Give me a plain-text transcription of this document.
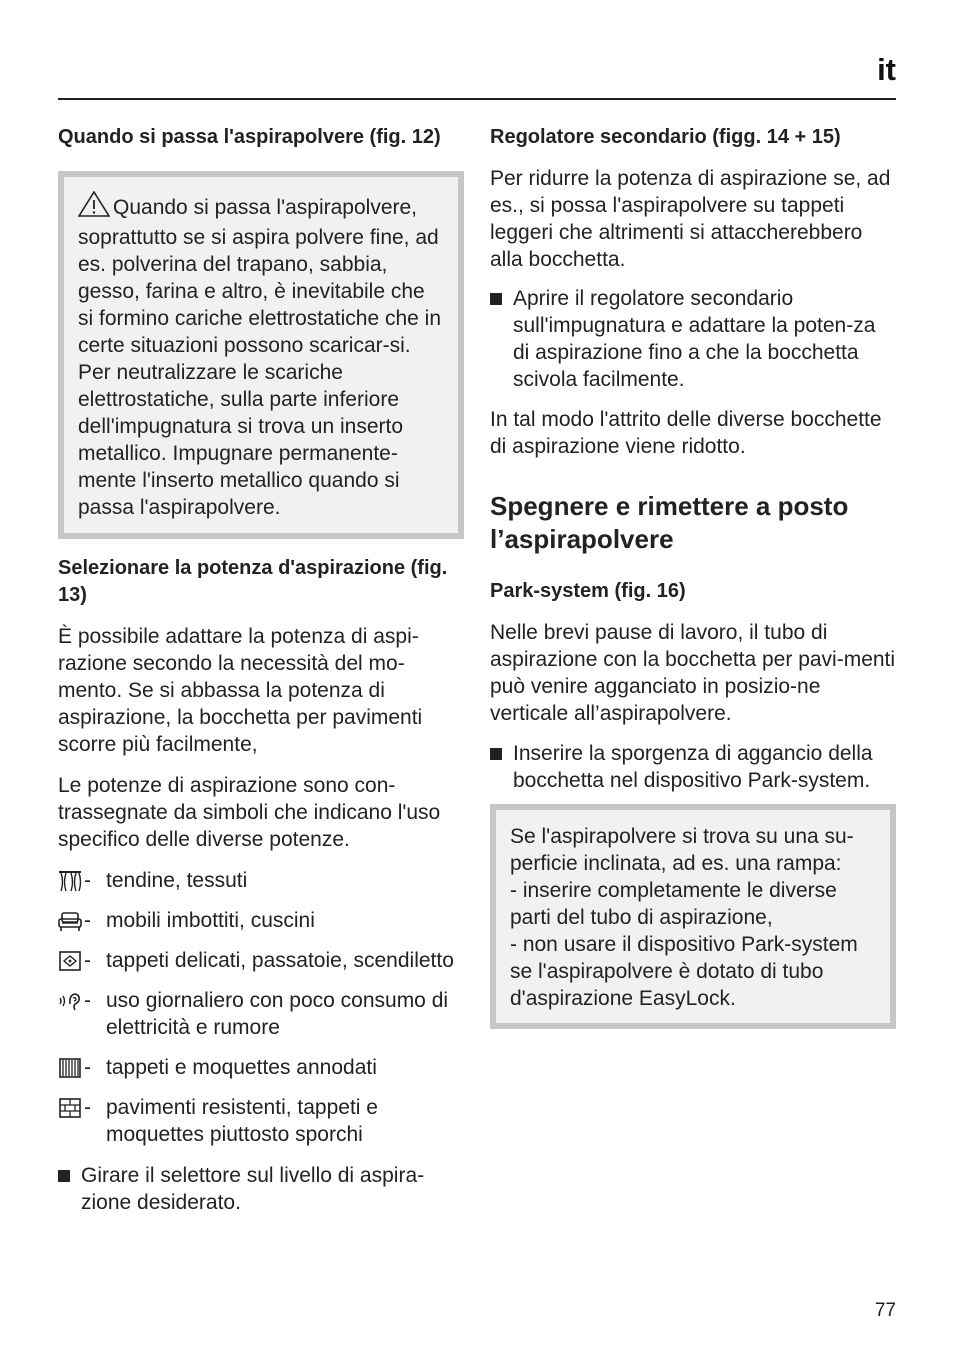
it

Quando si passa l'aspirapolvere (fig. 12)

Quando si passa l'aspirapolvere, soprattutto se si aspira polvere fine, ad es. polverina del trapano, sabbia, gesso, farina e altro, è inevitabile che si formino cariche elettrostatiche che in certe situazioni possono scaricar-si. Per neutralizzare le scariche elettrostatiche, sulla parte inferiore dell'impugnatura si trova un inserto metallico. Impugnare permanente-mente l'inserto metallico quando si passa l'aspirapolvere.

Selezionare la potenza d'aspirazione (fig. 13)

È possibile adattare la potenza di aspi-razione secondo la necessità del mo-mento. Se si abbassa la potenza di aspirazione, la bocchetta per pavimenti scorre più facilmente,

Le potenze di aspirazione sono con-trassegnate da simboli che indicano l'uso specifico delle diverse potenze.

- tendine, tessuti
- mobili imbottiti, cuscini
- tappeti delicati, passatoie, scendiletto
- uso giornaliero con poco consumo di elettricità e rumore
- tappeti e moquettes annodati
- pavimenti resistenti, tappeti e moquettes piuttosto sporchi
Girare il selettore sul livello di aspira-zione desiderato.

Regolatore secondario (figg. 14 + 15)

Per ridurre la potenza di aspirazione se, ad es., si possa l'aspirapolvere su tappeti leggeri che altrimenti si attaccherebbero alla bocchetta.

Aprire il regolatore secondario sull'impugnatura e adattare la poten-za di aspirazione fino a che la bocchetta scivola facilmente.

In tal modo l'attrito delle diverse bocchette di aspirazione viene ridotto.

Spegnere e rimettere a posto l’aspirapolvere

Park-system (fig. 16)

Nelle brevi pause di lavoro, il tubo di aspirazione con la bocchetta per pavi-menti può venire agganciato in posizio-ne verticale all’aspirapolvere.

Inserire la sporgenza di aggancio della bocchetta nel dispositivo Park-system.
Se l'aspirapolvere si trova su una su-perficie inclinata, ad es. una rampa:
- inserire completamente le diverse parti del tubo di aspirazione,
- non usare il dispositivo Park-system se l'aspirapolvere è dotato di tubo d'aspirazione EasyLock.
77
